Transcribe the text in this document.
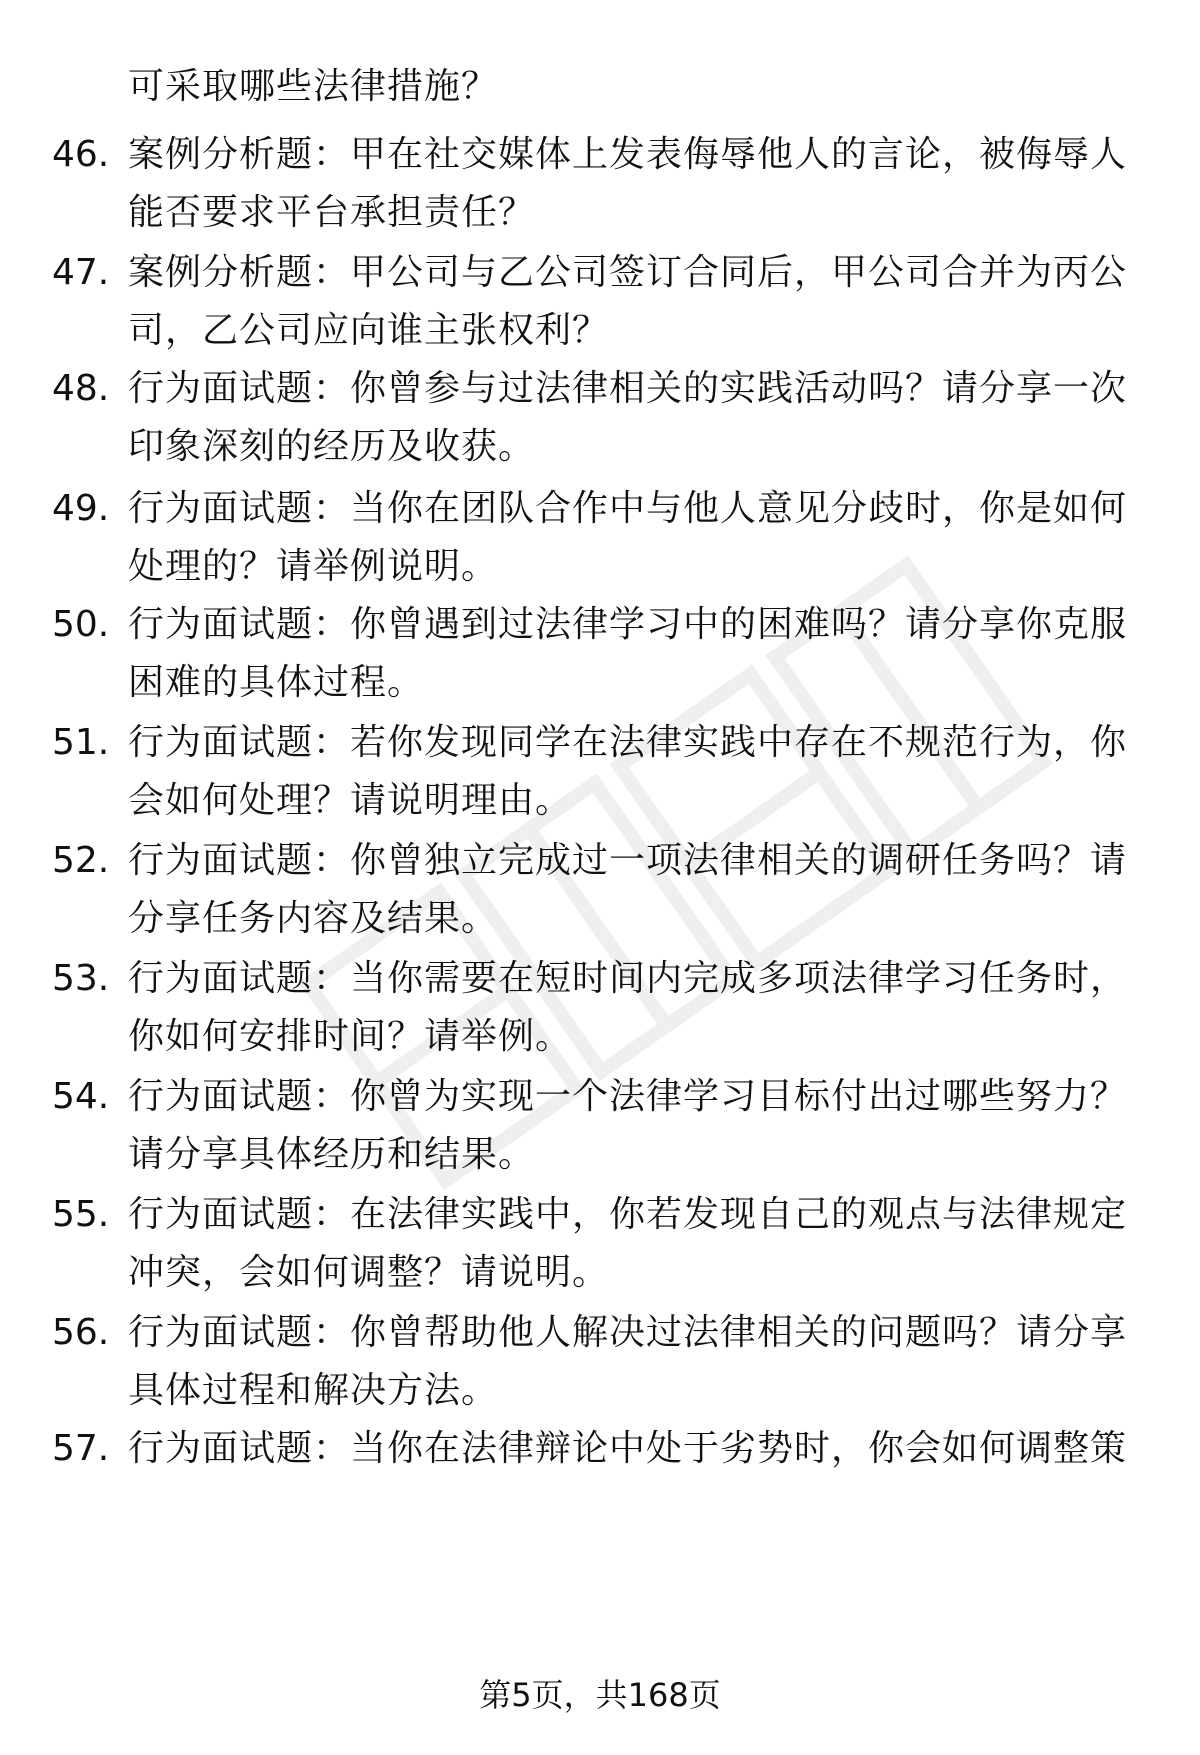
可采取哪些法律措施？
46. 案例分析题：甲在社交媒体上发表侮辱他人的言论，被侮辱人能否要求平台承担责任？
47. 案例分析题：甲公司与乙公司签订合同后，甲公司合并为丙公司，乙公司应向谁主张权利？
48. 行为面试题：你曾参与过法律相关的实践活动吗？请分享一次印象深刻的经历及收获。
49. 行为面试题：当你在团队合作中与他人意见分歧时，你是如何处理的？请举例说明。
50. 行为面试题：你曾遇到过法律学习中的困难吗？请分享你克服困难的具体过程。
51. 行为面试题：若你发现同学在法律实践中存在不规范行为，你会如何处理？请说明理由。
52. 行为面试题：你曾独立完成过一项法律相关的调研任务吗？请分享任务内容及结果。
53. 行为面试题：当你需要在短时间内完成多项法律学习任务时，你如何安排时间？请举例。
54. 行为面试题：你曾为实现一个法律学习目标付出过哪些努力？请分享具体经历和结果。
55. 行为面试题：在法律实践中，你若发现自己的观点与法律规定冲突，会如何调整？请说明。
56. 行为面试题：你曾帮助他人解决过法律相关的问题吗？请分享具体过程和解决方法。
57. 行为面试题：当你在法律辩论中处于劣势时，你会如何调整策
第5页，共168页
